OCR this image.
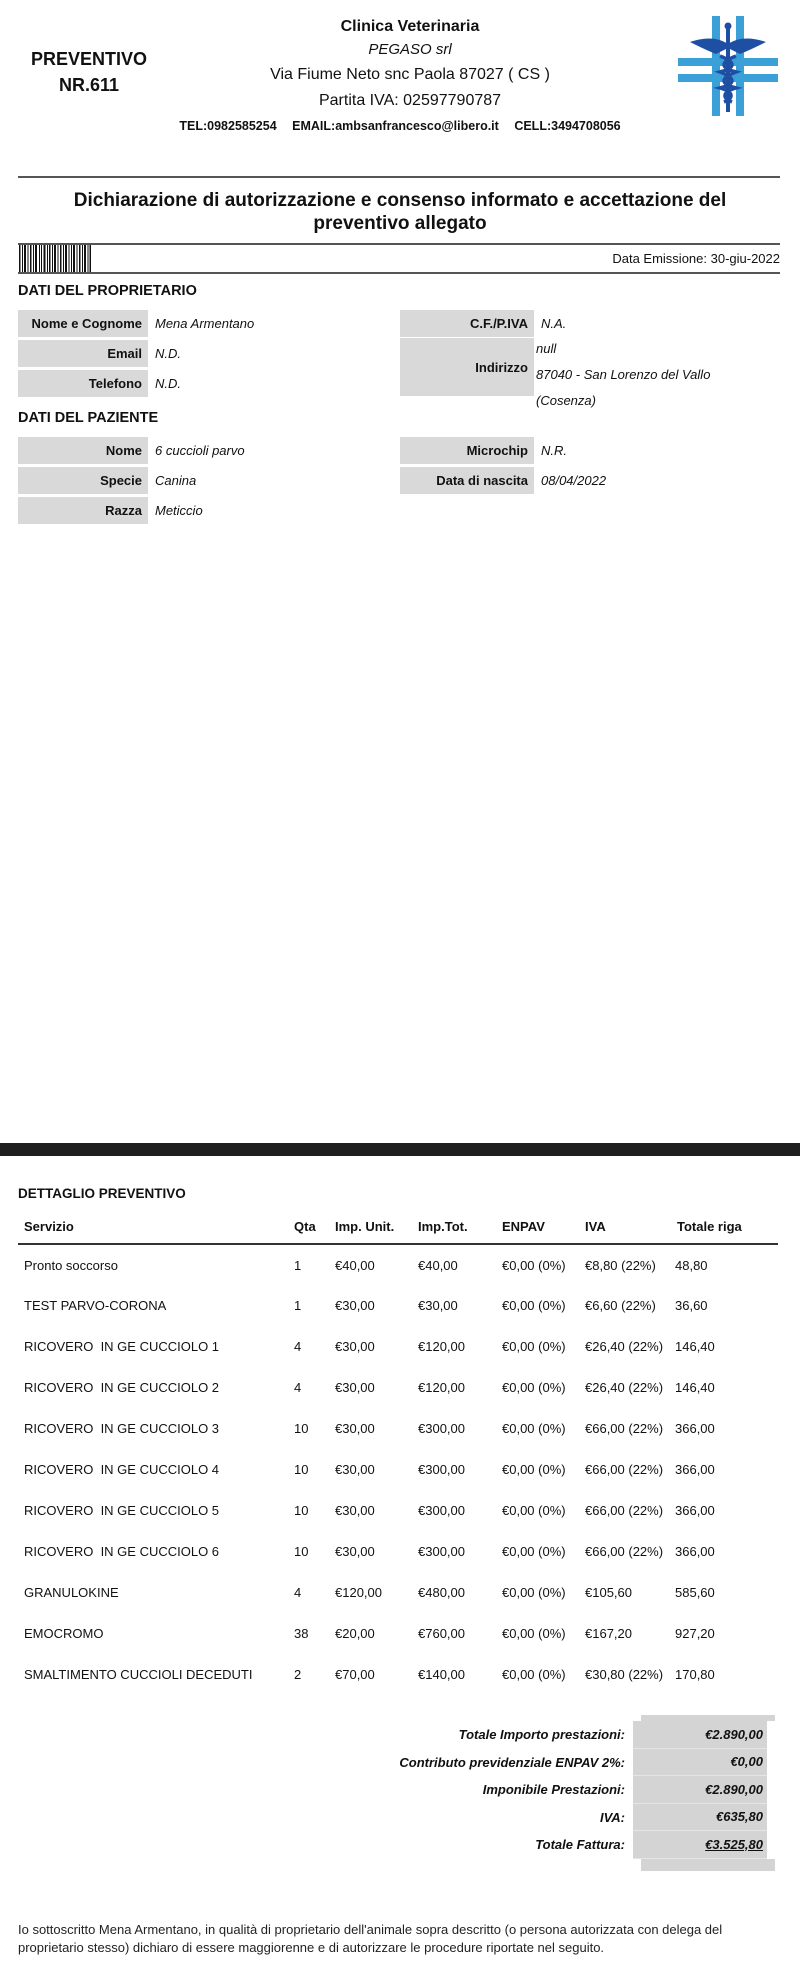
PREVENTIVO
NR.611
Clinica Veterinaria
PEGASO srl
Via Fiume Neto snc Paola 87027 ( CS )
Partita IVA: 02597790787
TEL:0982585254 EMAIL:ambsanfrancesco@libero.it CELL:3494708056
Dichiarazione di autorizzazione e consenso informato e accettazione del preventivo allegato
Data Emissione: 30-giu-2022
DATI DEL PROPRIETARIO
Nome e Cognome	Mena Armentano
Email	N.D.
Telefono	N.D.
C.F./P.IVA	N.A.
Indirizzo
null
87040 - San Lorenzo del Vallo
(Cosenza)
DATI DEL PAZIENTE
Nome	6 cuccioli parvo
Specie	Canina
Razza	Meticcio
Microchip	N.R.
Data di nascita	08/04/2022
DETTAGLIO PREVENTIVO
Servizio	Qta	Imp. Unit.	Imp.Tot.	ENPAV	IVA	Totale riga
Pronto soccorso	1	€40,00	€40,00	€0,00 (0%)	€8,80 (22%)	48,80
TEST PARVO-CORONA	1	€30,00	€30,00	€0,00 (0%)	€6,60 (22%)	36,60
RICOVERO  IN GE CUCCIOLO 1	4	€30,00	€120,00	€0,00 (0%)	€26,40 (22%)	146,40
RICOVERO  IN GE CUCCIOLO 2	4	€30,00	€120,00	€0,00 (0%)	€26,40 (22%)	146,40
RICOVERO  IN GE CUCCIOLO 3	10	€30,00	€300,00	€0,00 (0%)	€66,00 (22%)	366,00
RICOVERO  IN GE CUCCIOLO 4	10	€30,00	€300,00	€0,00 (0%)	€66,00 (22%)	366,00
RICOVERO  IN GE CUCCIOLO 5	10	€30,00	€300,00	€0,00 (0%)	€66,00 (22%)	366,00
RICOVERO  IN GE CUCCIOLO 6	10	€30,00	€300,00	€0,00 (0%)	€66,00 (22%)	366,00
GRANULOKINE	4	€120,00	€480,00	€0,00 (0%)	€105,60	585,60
EMOCROMO	38	€20,00	€760,00	€0,00 (0%)	€167,20	927,20
SMALTIMENTO CUCCIOLI DECEDUTI	2	€70,00	€140,00	€0,00 (0%)	€30,80 (22%)	170,80
Totale Importo prestazioni:	€2.890,00
Contributo previdenziale ENPAV 2%:	€0,00
Imponibile Prestazioni:	€2.890,00
IVA:	€635,80
Totale Fattura:	€3.525,80
Io sottoscritto Mena Armentano, in qualità di proprietario dell'animale sopra descritto (o persona autorizzata con delega del proprietario stesso) dichiaro di essere maggiorenne e di autorizzare le procedure riportate nel seguito.
